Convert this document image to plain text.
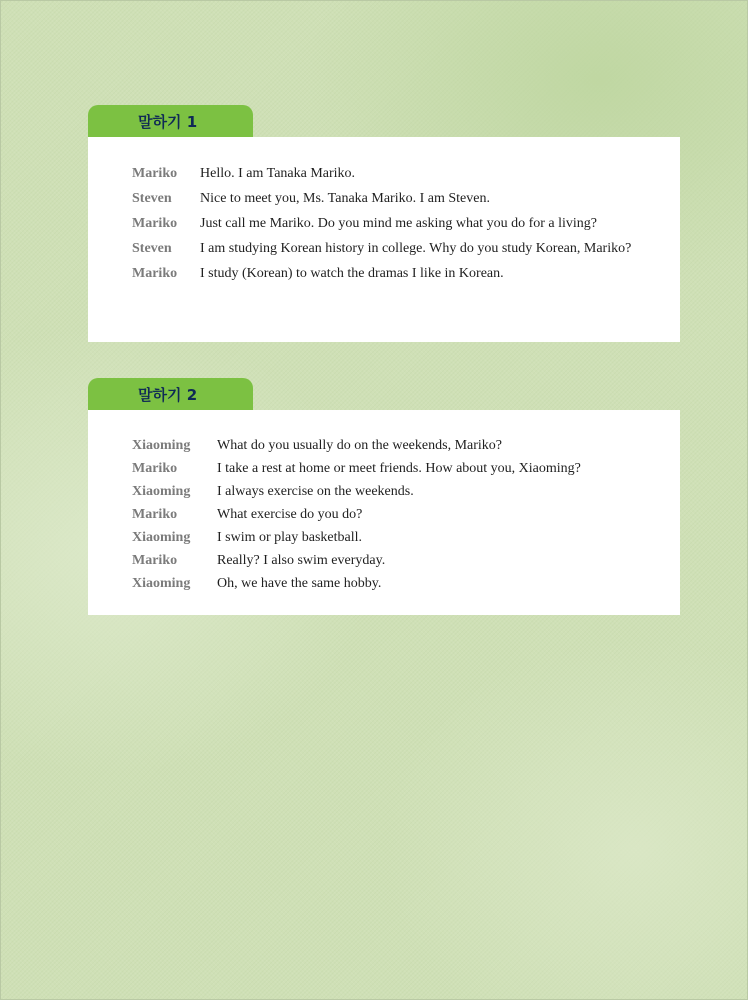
말하기 1
Mariko	Hello. I am Tanaka Mariko.
Steven	Nice to meet you, Ms. Tanaka Mariko. I am Steven.
Mariko	Just call me Mariko. Do you mind me asking what you do for a living?
Steven	I am studying Korean history in college. Why do you study Korean, Mariko?
Mariko	I study (Korean) to watch the dramas I like in Korean.
말하기 2
Xiaoming	What do you usually do on the weekends, Mariko?
Mariko	I take a rest at home or meet friends. How about you, Xiaoming?
Xiaoming	I always exercise on the weekends.
Mariko	What exercise do you do?
Xiaoming	I swim or play basketball.
Mariko	Really? I also swim everyday.
Xiaoming	Oh, we have the same hobby.
